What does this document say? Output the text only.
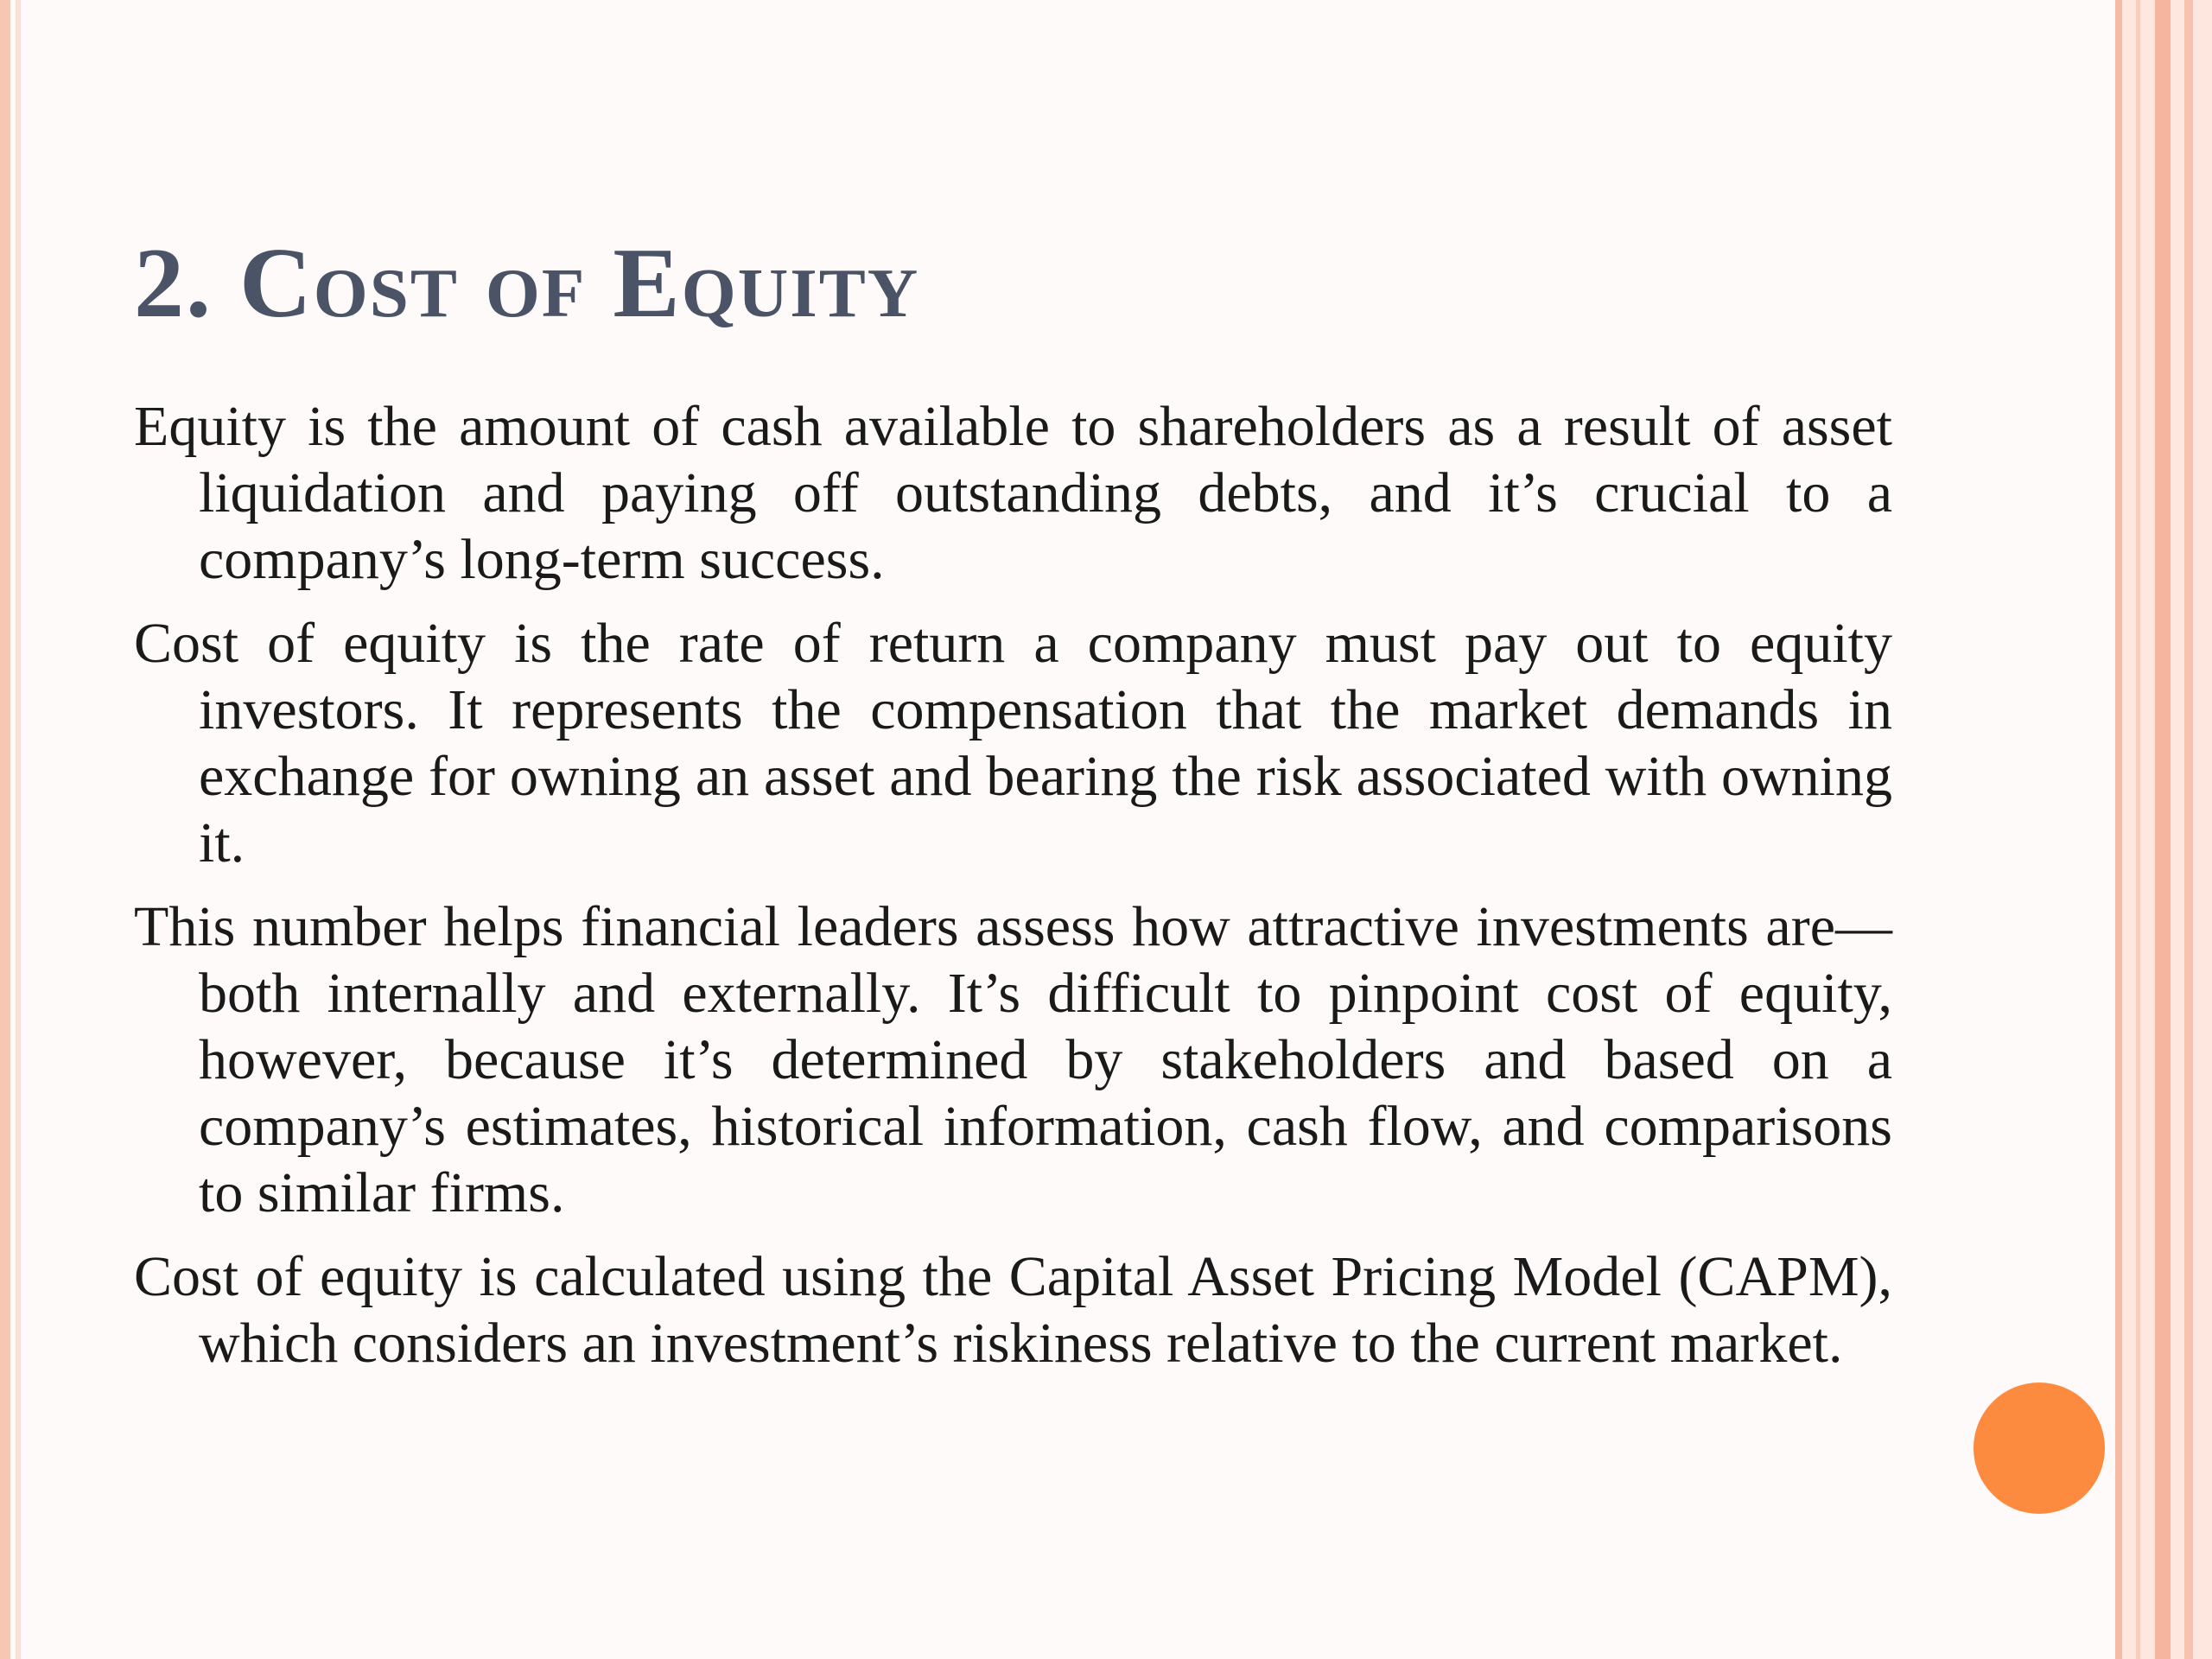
2. Cost of Equity

Equity is the amount of cash available to shareholders as a result of asset liquidation and paying off outstanding debts, and it’s crucial to a company’s long-term success.

Cost of equity is the rate of return a company must pay out to equity investors. It represents the compensation that the market demands in exchange for owning an asset and bearing the risk associated with owning it.

This number helps financial leaders assess how attractive investments are—both internally and externally. It’s difficult to pinpoint cost of equity, however, because it’s determined by stakeholders and based on a company’s estimates, historical information, cash flow, and comparisons to similar firms.

Cost of equity is calculated using the Capital Asset Pricing Model (CAPM), which considers an investment’s riskiness relative to the current market.
